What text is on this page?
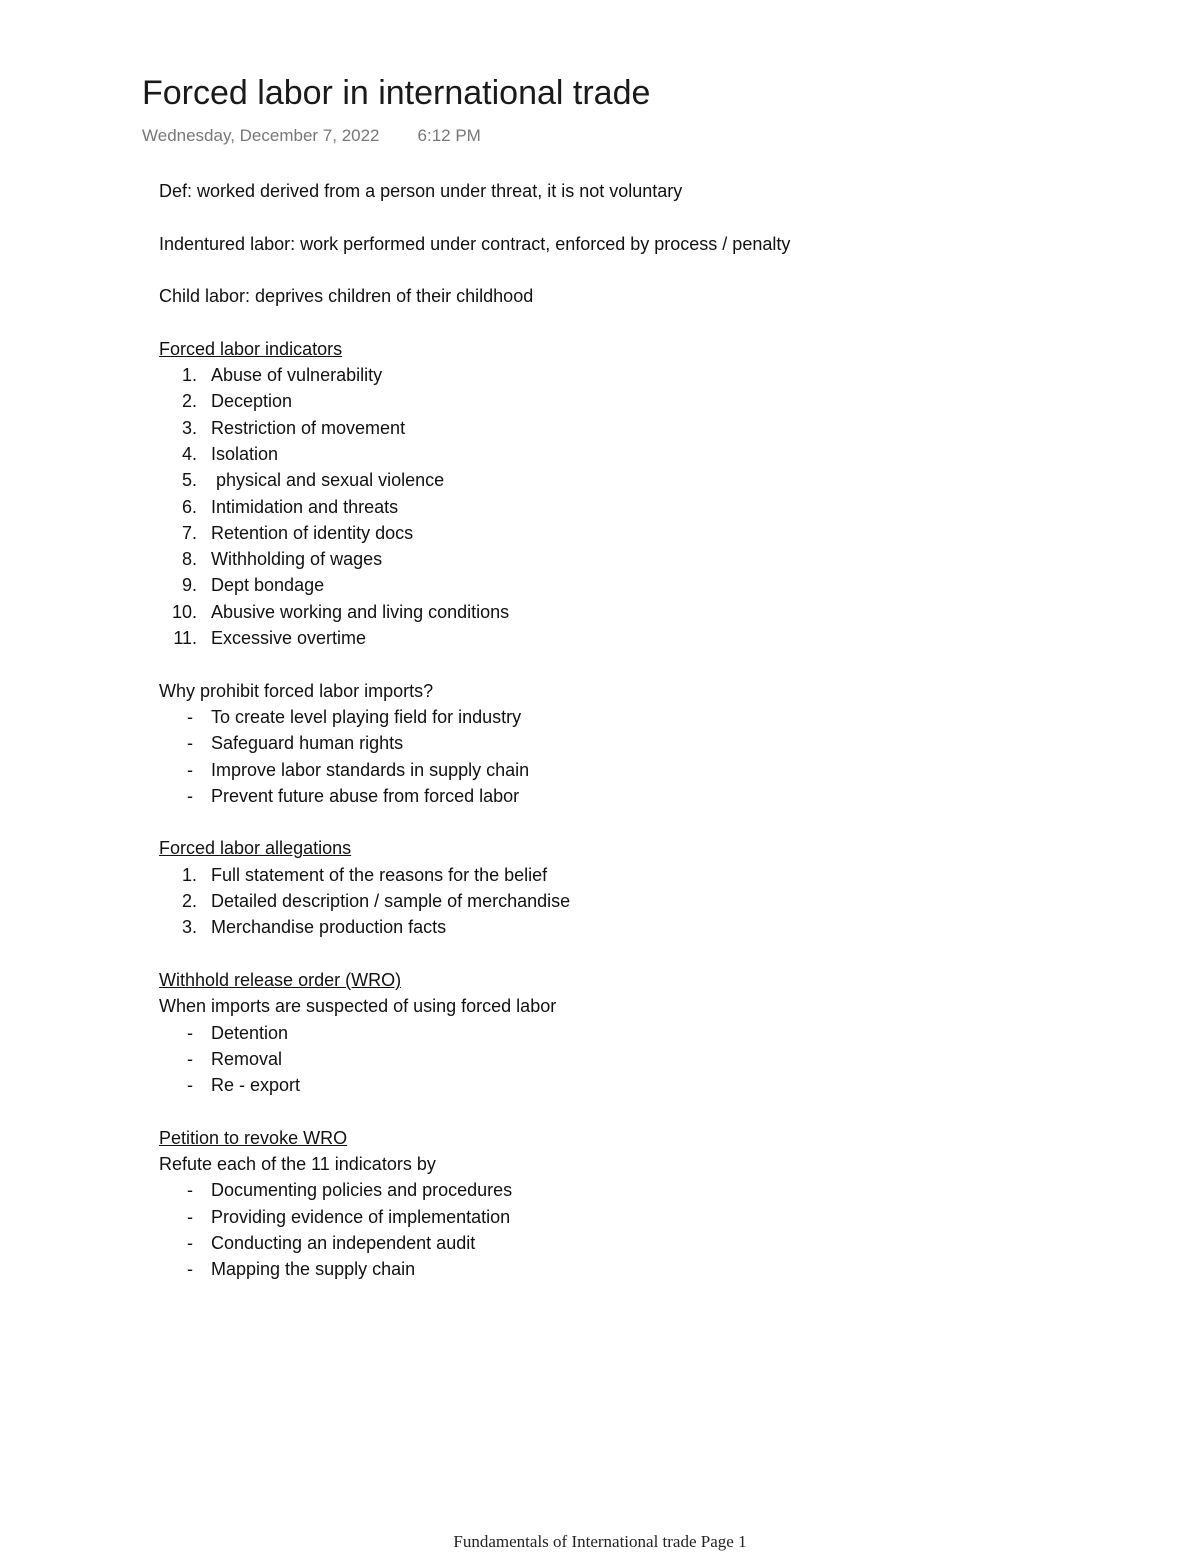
Forced labor in international trade
Wednesday, December 7, 2022 6:12 PM

Def: worked derived from a person under threat, it is not voluntary

Indentured labor: work performed under contract, enforced by process / penalty

Child labor: deprives children of their childhood

Forced labor indicators

1. Abuse of vulnerability
2. Deception
3. Restriction of movement
4. Isolation
5. physical and sexual violence
6. Intimidation and threats
7. Retention of identity docs
8. Withholding of wages
9. Dept bondage
10. Abusive working and living conditions
11. Excessive overtime

Why prohibit forced labor imports?

-	To create level playing field for industry
-	Safeguard human rights
-	Improve labor standards in supply chain
-	Prevent future abuse from forced labor

Forced labor allegations

1. Full statement of the reasons for the belief
2. Detailed description / sample of merchandise
3. Merchandise production facts

Withhold release order (WRO)

When imports are suspected of using forced labor

-	Detention
-	Removal
-	Re - export

Petition to revoke WRO

Refute each of the 11 indicators by

-	Documenting policies and procedures
-	Providing evidence of implementation
-	Conducting an independent audit
-	Mapping the supply chain
Fundamentals of International trade Page 1
